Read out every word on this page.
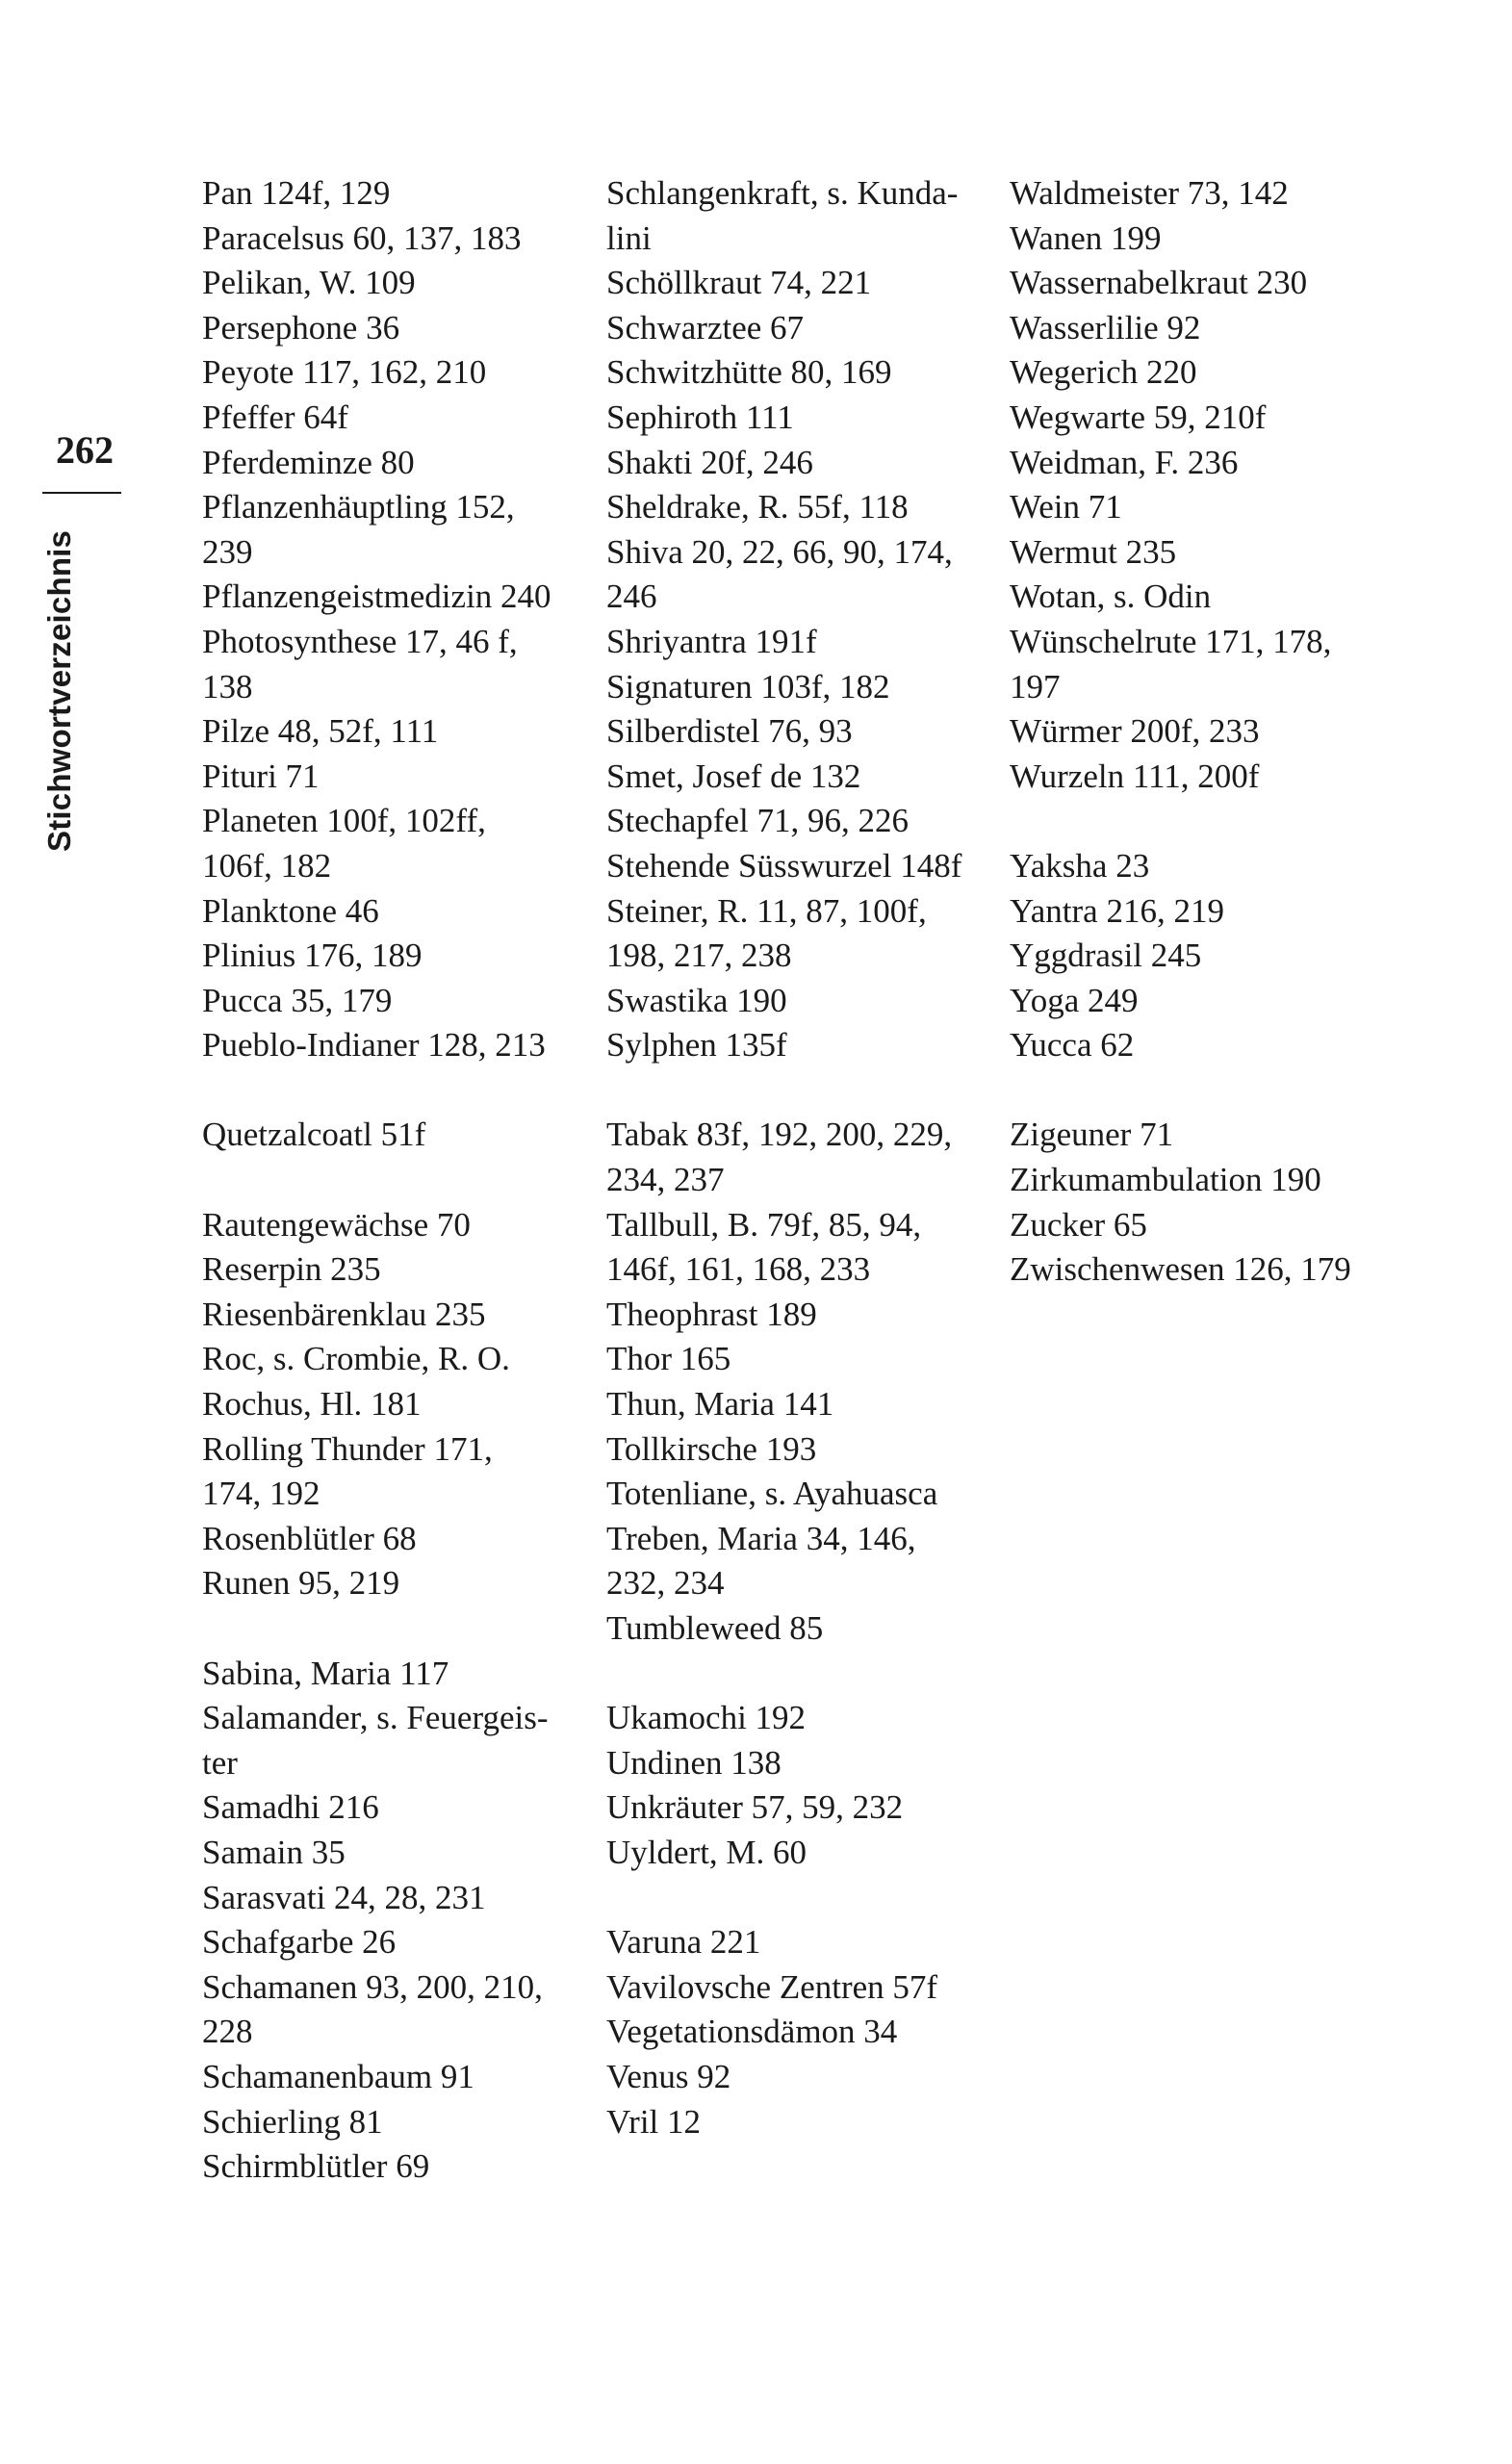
262
Stichwortverzeichnis
Pan 124f, 129
Paracelsus 60, 137, 183
Pelikan, W. 109
Persephone 36
Peyote 117, 162, 210
Pfeffer 64f
Pferdeminze 80
Pflanzenhäuptling 152,
239
Pflanzengeistmedizin 240
Photosynthese 17, 46 f,
138
Pilze 48, 52f, 111
Pituri 71
Planeten 100f, 102ff,
106f, 182
Planktone 46
Plinius 176, 189
Pucca 35, 179
Pueblo-Indianer 128, 213
Quetzalcoatl 51f
Rautengewächse 70
Reserpin 235
Riesenbärenklau 235
Roc, s. Crombie, R. O.
Rochus, Hl. 181
Rolling Thunder 171,
174, 192
Rosenblütler 68
Runen 95, 219
Sabina, Maria 117
Salamander, s. Feuergeis-
ter
Samadhi 216
Samain 35
Sarasvati 24, 28, 231
Schafgarbe 26
Schamanen 93, 200, 210,
228
Schamanenbaum 91
Schierling 81
Schirmblütler 69
Schlangenkraft, s. Kunda-
lini
Schöllkraut 74, 221
Schwarztee 67
Schwitzhütte 80, 169
Sephiroth 111
Shakti 20f, 246
Sheldrake, R. 55f, 118
Shiva 20, 22, 66, 90, 174,
246
Shriyantra 191f
Signaturen 103f, 182
Silberdistel 76, 93
Smet, Josef de 132
Stechapfel 71, 96, 226
Stehende Süsswurzel 148f
Steiner, R. 11, 87, 100f,
198, 217, 238
Swastika 190
Sylphen 135f
Tabak 83f, 192, 200, 229,
234, 237
Tallbull, B. 79f, 85, 94,
146f, 161, 168, 233
Theophrast 189
Thor 165
Thun, Maria 141
Tollkirsche 193
Totenliane, s. Ayahuasca
Treben, Maria 34, 146,
232, 234
Tumbleweed 85
Ukamochi 192
Undinen 138
Unkräuter 57, 59, 232
Uyldert, M. 60
Varuna 221
Vavilovsche Zentren 57f
Vegetationsdämon 34
Venus 92
Vril 12
Waldmeister 73, 142
Wanen 199
Wassernabelkraut 230
Wasserlilie 92
Wegerich 220
Wegwarte 59, 210f
Weidman, F. 236
Wein 71
Wermut 235
Wotan, s. Odin
Wünschelrute 171, 178,
197
Würmer 200f, 233
Wurzeln 111, 200f
Yaksha 23
Yantra 216, 219
Yggdrasil 245
Yoga 249
Yucca 62
Zigeuner 71
Zirkumambulation 190
Zucker 65
Zwischenwesen 126, 179
